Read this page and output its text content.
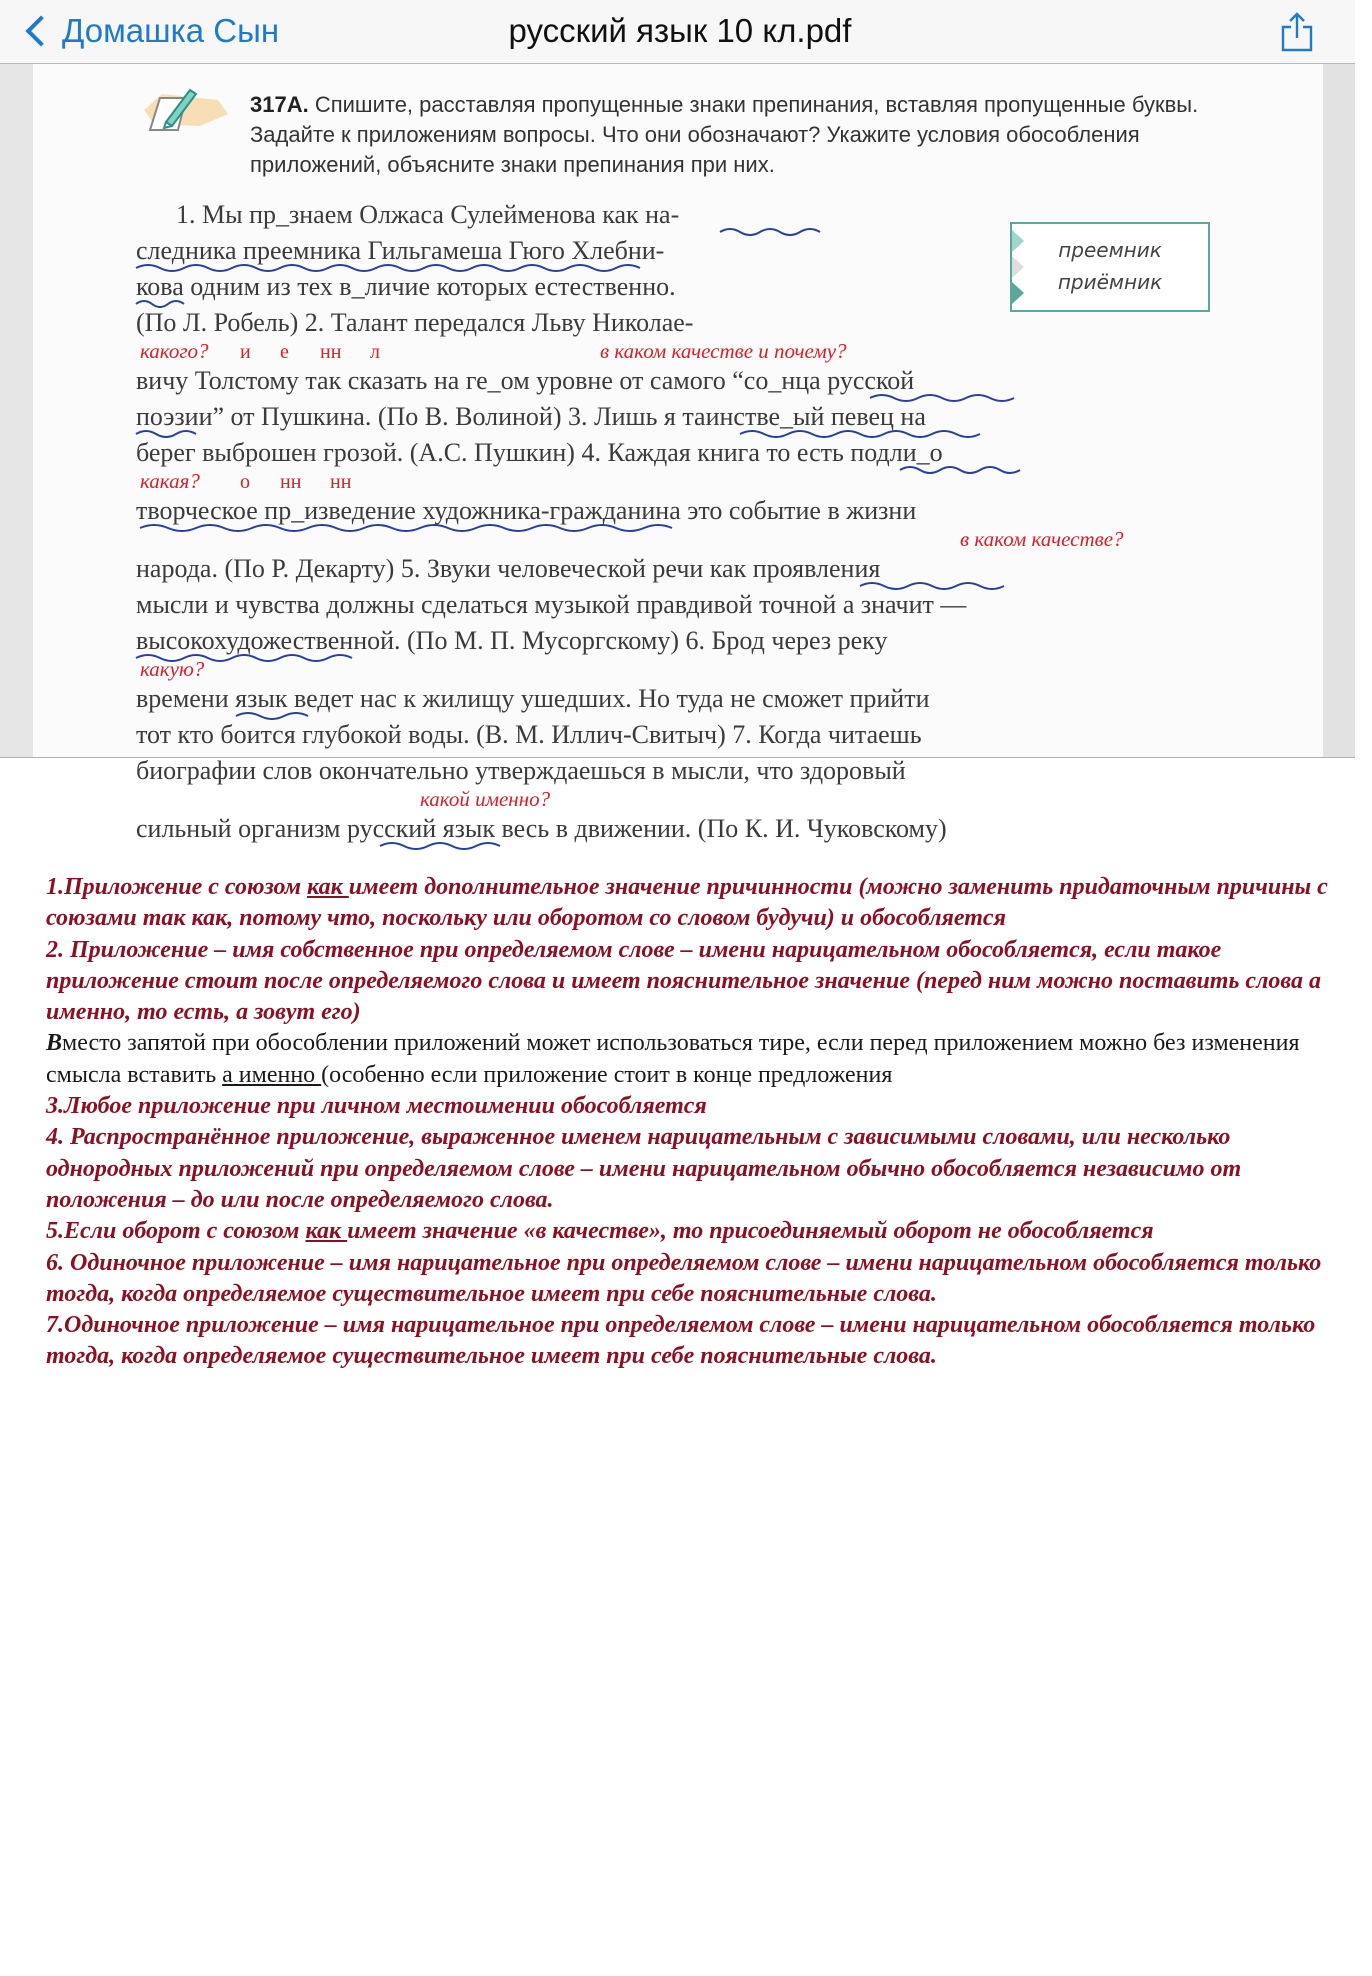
Домашка Сын	русский язык 10 кл.pdf
317А. Спишите, расставляя пропущенные знаки препинания, вставляя пропущенные буквы. Задайте к приложениям вопросы. Что они обозначают? Укажите условия обособления приложений, объясните знаки препинания при них.
преемник
приёмник
1. Мы пр_знаем Олжаса Сулейменова как на-
следника преемника Гильгамеша Гюго Хлебни-
кова одним из тех в_личие которых естественно.
(По Л. Робель) 2. Талант передался Льву Николае-
вичу Толстому так сказать на ге_ом уровне от самого “со_нца русской
поэзии” от Пушкина. (По В. Волиной) 3. Лишь я таинстве_ый певец на
берег выброшен грозой. (А.С. Пушкин) 4. Каждая книга то есть подли_о
творческое пр_изведение художника-гражданина это событие в жизни
народа. (По Р. Декарту) 5. Звуки человеческой речи как проявления
мысли и чувства должны сделаться музыкой правдивой точной а значит —
высокохудожественной. (По М. П. Мусоргскому) 6. Брод через реку
времени язык ведет нас к жилищу ушедших. Но туда не сможет прийти
тот кто боится глубокой воды. (В. М. Иллич-Свитыч) 7. Когда читаешь
биографии слов окончательно утверждаешься в мысли, что здоровый
сильный организм русский язык весь в движении. (По К. И. Чуковскому)
какого? и е нн л	в каком качестве и почему?
какая? о нн нн
в каком качестве?
какую?
какой именно?
1.Приложение с союзом как имеет дополнительное значение причинности (можно заменить придаточным причины с союзами так как, потому что, поскольку или оборотом со словом будучи) и обособляется
2. Приложение – имя собственное при определяемом слове – имени нарицательном обособляется, если такое приложение стоит после определяемого слова и имеет пояснительное значение (перед ним можно поставить слова а именно, то есть, а зовут его)
Вместо запятой при обособлении приложений может использоваться тире, если перед приложением можно без изменения смысла вставить а именно (особенно если приложение стоит в конце предложения
3.Любое приложение при личном местоимении обособляется
4. Распространённое приложение, выраженное именем нарицательным с зависимыми словами, или несколько однородных приложений при определяемом слове – имени нарицательном обычно обособляется независимо от положения – до или после определяемого слова.
5.Если оборот с союзом как имеет значение «в качестве», то присоединяемый оборот не обособляется
6. Одиночное приложение – имя нарицательное при определяемом слове – имени нарицательном обособляется только тогда, когда определяемое существительное имеет при себе пояснительные слова.
7.Одиночное приложение – имя нарицательное при определяемом слове – имени нарицательном обособляется только тогда, когда определяемое существительное имеет при себе пояснительные слова.
